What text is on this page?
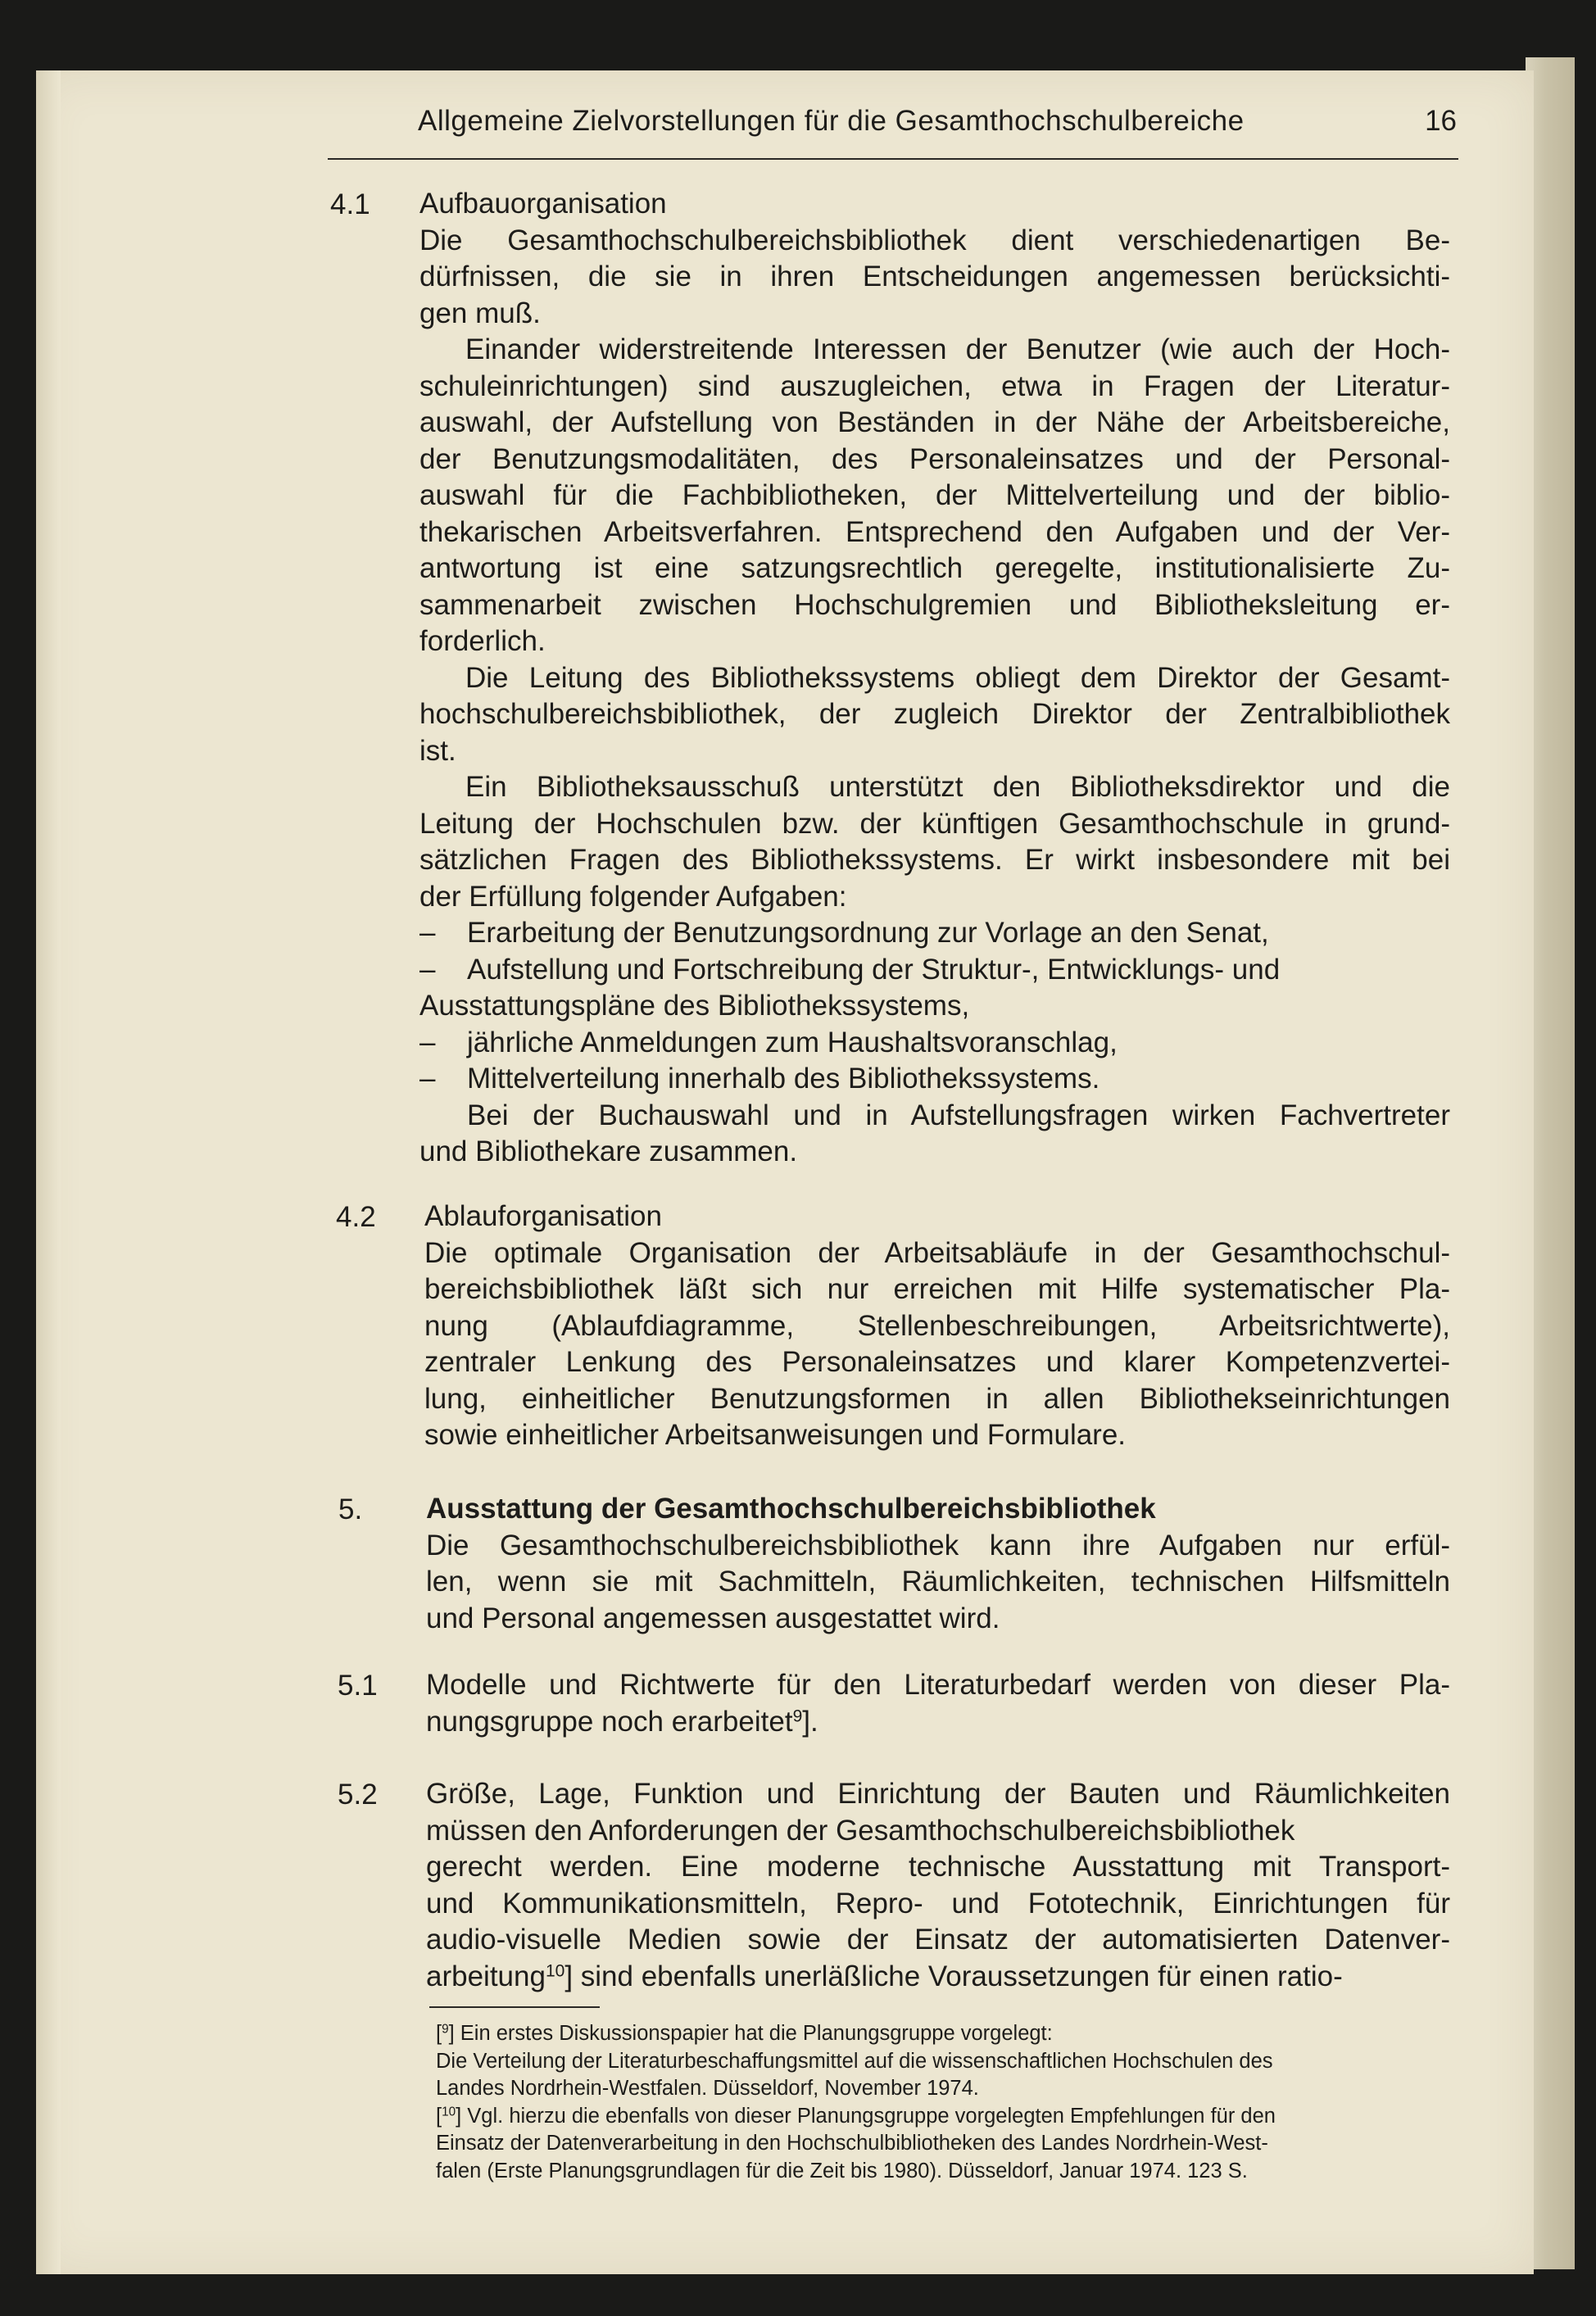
Allgemeine Zielvorstellungen für die Gesamthochschulbereiche	16
4.1 Aufbauorganisation
Die Gesamthochschulbereichsbibliothek dient verschiedenartigen Be-
dürfnissen, die sie in ihren Entscheidungen angemessen berücksichti-
gen muß.
Einander widerstreitende Interessen der Benutzer (wie auch der Hoch-
schuleinrichtungen) sind auszugleichen, etwa in Fragen der Literatur-
auswahl, der Aufstellung von Beständen in der Nähe der Arbeitsbereiche,
der Benutzungsmodalitäten, des Personaleinsatzes und der Personal-
auswahl für die Fachbibliotheken, der Mittelverteilung und der biblio-
thekarischen Arbeitsverfahren. Entsprechend den Aufgaben und der Ver-
antwortung ist eine satzungsrechtlich geregelte, institutionalisierte Zu-
sammenarbeit zwischen Hochschulgremien und Bibliotheksleitung er-
forderlich.
Die Leitung des Bibliothekssystems obliegt dem Direktor der Gesamt-
hochschulbereichsbibliothek, der zugleich Direktor der Zentralbibliothek
ist.
Ein Bibliotheksausschuß unterstützt den Bibliotheksdirektor und die
Leitung der Hochschulen bzw. der künftigen Gesamthochschule in grund-
sätzlichen Fragen des Bibliothekssystems. Er wirkt insbesondere mit bei
der Erfüllung folgender Aufgaben:
– Erarbeitung der Benutzungsordnung zur Vorlage an den Senat,
– Aufstellung und Fortschreibung der Struktur-, Entwicklungs- und
Ausstattungspläne des Bibliothekssystems,
– jährliche Anmeldungen zum Haushaltsvoranschlag,
– Mittelverteilung innerhalb des Bibliothekssystems.
Bei der Buchauswahl und in Aufstellungsfragen wirken Fachvertreter
und Bibliothekare zusammen.
4.2 Ablauforganisation
Die optimale Organisation der Arbeitsabläufe in der Gesamthochschul-
bereichsbibliothek läßt sich nur erreichen mit Hilfe systematischer Pla-
nung (Ablaufdiagramme, Stellenbeschreibungen, Arbeitsrichtwerte),
zentraler Lenkung des Personaleinsatzes und klarer Kompetenzvertei-
lung, einheitlicher Benutzungsformen in allen Bibliothekseinrichtungen
sowie einheitlicher Arbeitsanweisungen und Formulare.
5. Ausstattung der Gesamthochschulbereichsbibliothek
Die Gesamthochschulbereichsbibliothek kann ihre Aufgaben nur erfül-
len, wenn sie mit Sachmitteln, Räumlichkeiten, technischen Hilfsmitteln
und Personal angemessen ausgestattet wird.
5.1 Modelle und Richtwerte für den Literaturbedarf werden von dieser Pla-
nungsgruppe noch erarbeitet$^9$].
5.2 Größe, Lage, Funktion und Einrichtung der Bauten und Räumlichkeiten
müssen den Anforderungen der Gesamthochschulbereichsbibliothek
gerecht werden. Eine moderne technische Ausstattung mit Transport-
und Kommunikationsmitteln, Repro- und Fototechnik, Einrichtungen für
audio-visuelle Medien sowie der Einsatz der automatisierten Datenver-
arbeitung$^{10}$] sind ebenfalls unerläßliche Voraussetzungen für einen ratio-
[$^9$] Ein erstes Diskussionspapier hat die Planungsgruppe vorgelegt:
Die Verteilung der Literaturbeschaffungsmittel auf die wissenschaftlichen Hochschulen des
Landes Nordrhein-Westfalen. Düsseldorf, November 1974.
[$^{10}$] Vgl. hierzu die ebenfalls von dieser Planungsgruppe vorgelegten Empfehlungen für den
Einsatz der Datenverarbeitung in den Hochschulbibliotheken des Landes Nordrhein-West-
falen (Erste Planungsgrundlagen für die Zeit bis 1980). Düsseldorf, Januar 1974. 123 S.
